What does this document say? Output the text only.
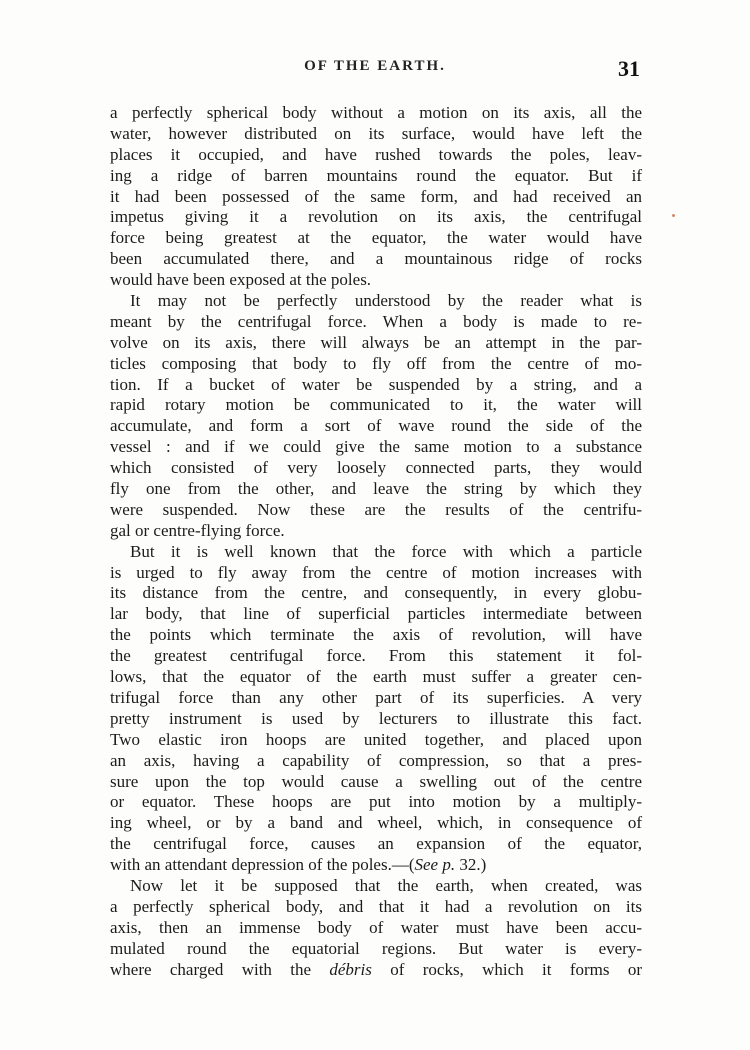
OF THE EARTH.	31
a perfectly spherical body without a motion on its axis, all the
water, however distributed on its surface, would have left the
places it occupied, and have rushed towards the poles, leav-
ing a ridge of barren mountains round the equator. But if
it had been possessed of the same form, and had received an
impetus giving it a revolution on its axis, the centrifugal
force being greatest at the equator, the water would have
been accumulated there, and a mountainous ridge of rocks
would have been exposed at the poles.
It may not be perfectly understood by the reader what is
meant by the centrifugal force. When a body is made to re-
volve on its axis, there will always be an attempt in the par-
ticles composing that body to fly off from the centre of mo-
tion. If a bucket of water be suspended by a string, and a
rapid rotary motion be communicated to it, the water will
accumulate, and form a sort of wave round the side of the
vessel : and if we could give the same motion to a substance
which consisted of very loosely connected parts, they would
fly one from the other, and leave the string by which they
were suspended. Now these are the results of the centrifu-
gal or centre-flying force.
But it is well known that the force with which a particle
is urged to fly away from the centre of motion increases with
its distance from the centre, and consequently, in every globu-
lar body, that line of superficial particles intermediate between
the points which terminate the axis of revolution, will have
the greatest centrifugal force. From this statement it fol-
lows, that the equator of the earth must suffer a greater cen-
trifugal force than any other part of its superficies. A very
pretty instrument is used by lecturers to illustrate this fact.
Two elastic iron hoops are united together, and placed upon
an axis, having a capability of compression, so that a pres-
sure upon the top would cause a swelling out of the centre
or equator. These hoops are put into motion by a multiply-
ing wheel, or by a band and wheel, which, in consequence of
the centrifugal force, causes an expansion of the equator,
with an attendant depression of the poles.—(See p. 32.)
Now let it be supposed that the earth, when created, was
a perfectly spherical body, and that it had a revolution on its
axis, then an immense body of water must have been accu-
mulated round the equatorial regions. But water is every-
where charged with the débris of rocks, which it forms or
